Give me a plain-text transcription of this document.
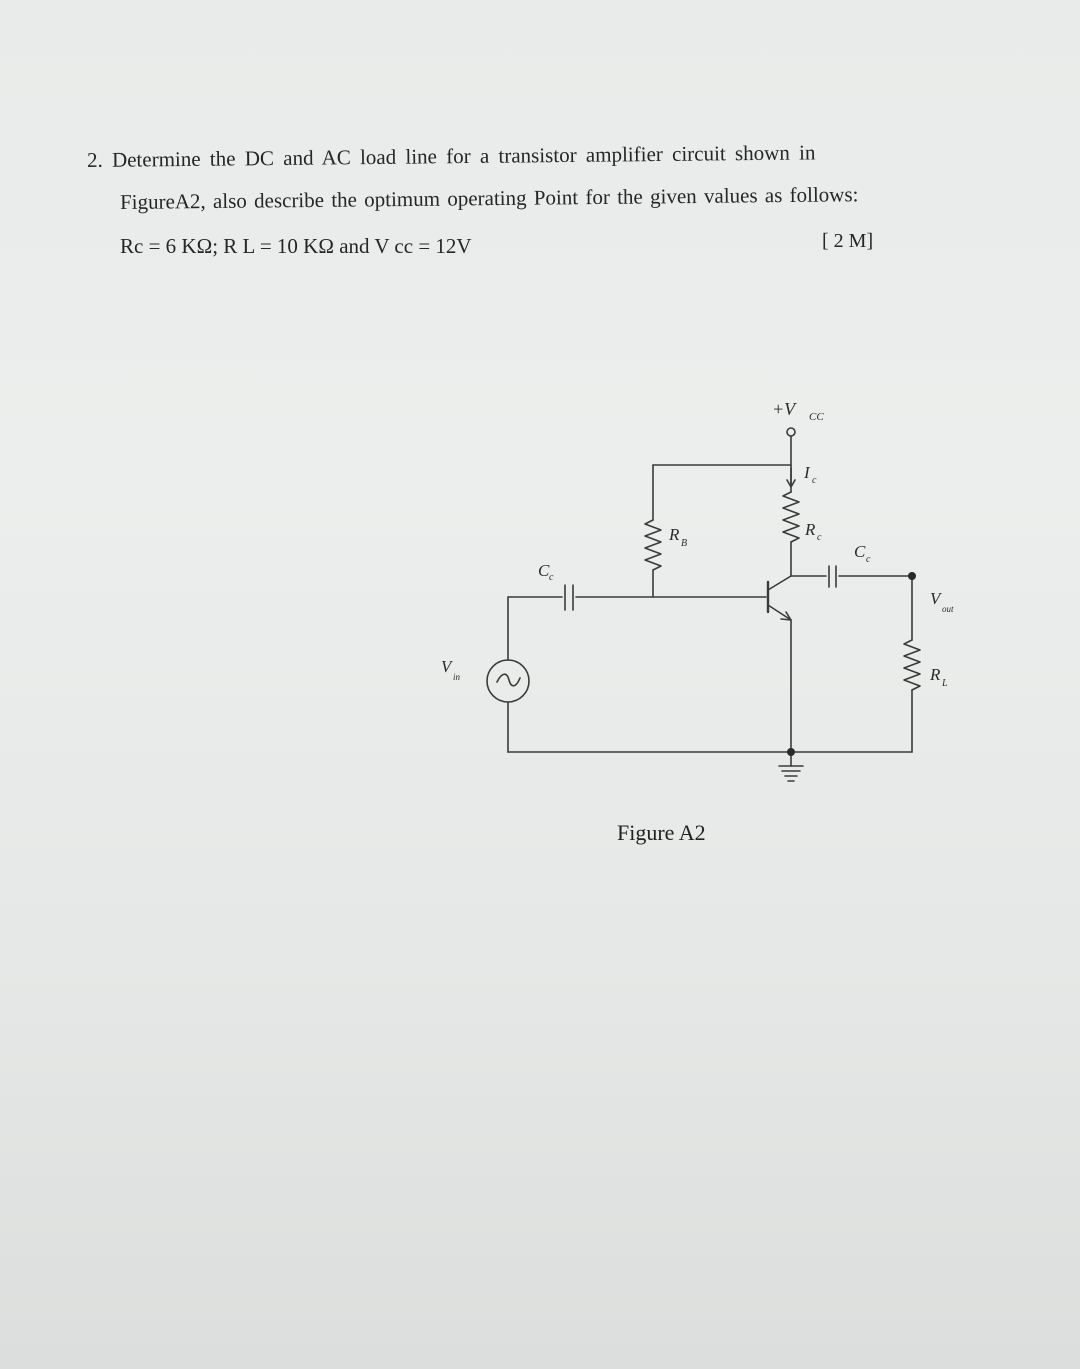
2. Determine the DC and AC load line for a transistor amplifier circuit shown in
FigureA2, also describe the optimum operating Point for the given values as follows:
Rc = 6 KΩ; R L = 10 KΩ and V cc = 12V	[ 2 M]
+V CC
I c
R B
R c
C c
C c
V
in
V
out
R L
Figure A2
